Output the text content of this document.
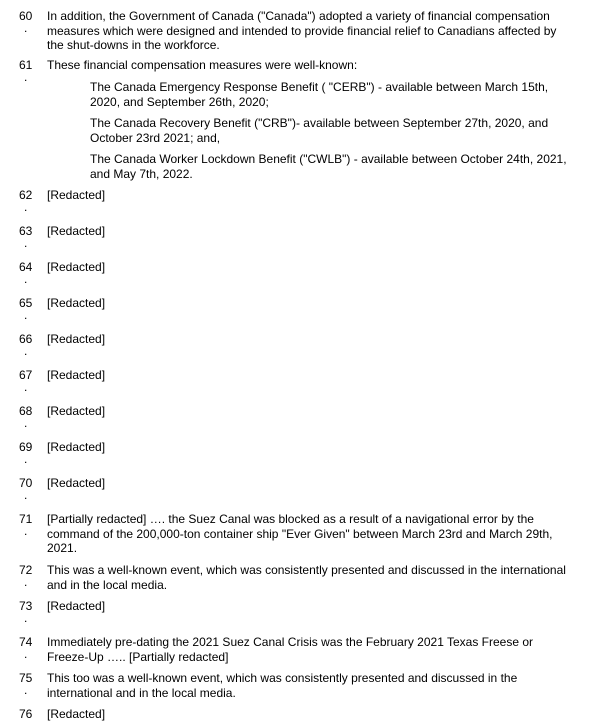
60
.
In addition, the Government of Canada ("Canada") adopted a variety of financial compensation measures which were designed and intended to provide financial relief to Canadians affected by the shut-downs in the workforce.
61
.
These financial compensation measures were well-known:
The Canada Emergency Response Benefit ( "CERB") - available between March 15th, 2020, and September 26th, 2020;
The Canada Recovery Benefit ("CRB")- available between September 27th, 2020, and October 23rd 2021; and,
The Canada Worker Lockdown Benefit ("CWLB") - available between October 24th, 2021, and May 7th, 2022.
62
.
[Redacted]
63
.
[Redacted]
64
.
[Redacted]
65
.
[Redacted]
66
.
[Redacted]
67
.
[Redacted]
68
.
[Redacted]
69
.
[Redacted]
70
.
[Redacted]
71
.
[Partially redacted] …. the Suez Canal was blocked as a result of a navigational error by the command of the 200,000-ton container ship "Ever Given" between March 23rd and March 29th, 2021.
72
.
This was a well-known event, which was consistently presented and discussed in the international and in the local media.
73
.
[Redacted]
74
.
Immediately pre-dating the 2021 Suez Canal Crisis was the February 2021 Texas Freese or Freeze-Up ….. [Partially redacted]
75
.
This too was a well-known event, which was consistently presented and discussed in the international and in the local media.
76 [Redacted]
